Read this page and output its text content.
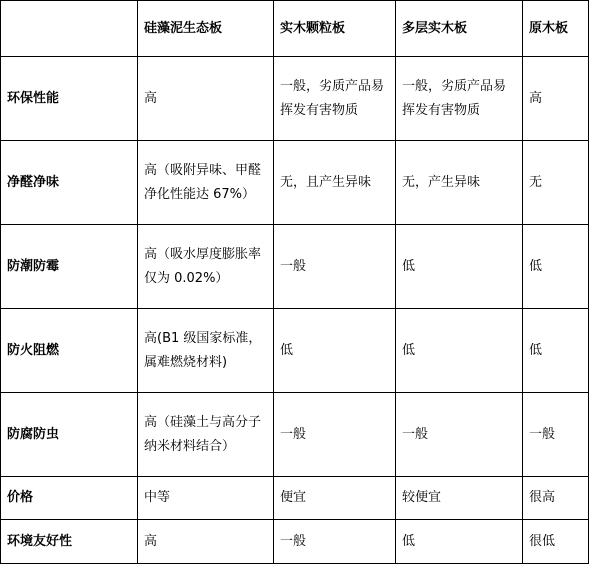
	硅藻泥生态板	实木颗粒板	多层实木板	原木板
环保性能	高	一般，劣质产品易挥发有害物质	一般，劣质产品易挥发有害物质	高
净醛净味	高（吸附异味、甲醛净化性能达 67%）	无，且产生异味	无，产生异味	无
防潮防霉	高（吸水厚度膨胀率仅为 0.02%）	一般	低	低
防火阻燃	高(B1 级国家标准，属难燃烧材料)	低	低	低
防腐防虫	高（硅藻土与高分子纳米材料结合）	一般	一般	一般
价格	中等	便宜	较便宜	很高
环境友好性	高	一般	低	很低
